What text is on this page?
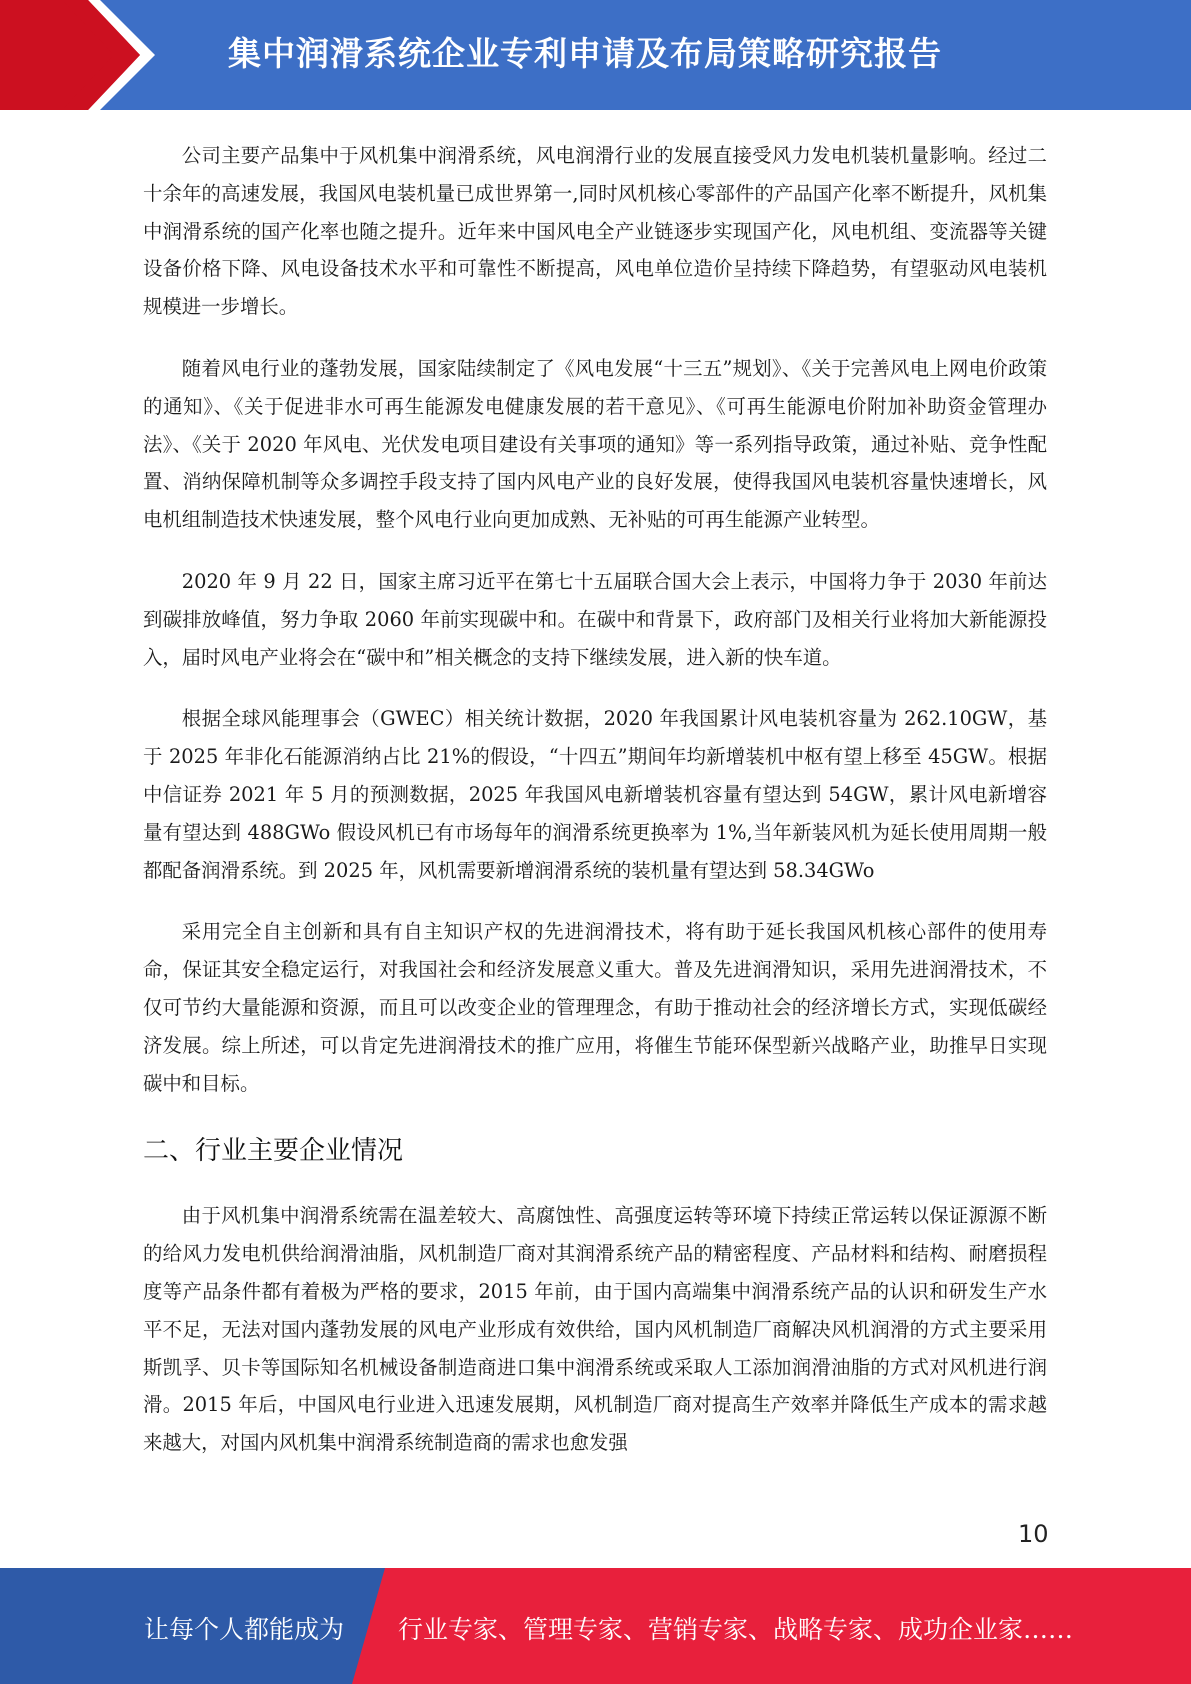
集中润滑系统企业专利申请及布局策略研究报告

公司主要产品集中于风机集中润滑系统，风电润滑行业的发展直接受风力发电机装机量影响。经过二十余年的高速发展，我国风电装机量已成世界第一,同时风机核心零部件的产品国产化率不断提升，风机集中润滑系统的国产化率也随之提升。近年来中国风电全产业链逐步实现国产化，风电机组、变流器等关键设备价格下降、风电设备技术水平和可靠性不断提高，风电单位造价呈持续下降趋势，有望驱动风电装机规模进一步增长。

随着风电行业的蓬勃发展，国家陆续制定了《风电发展“十三五”规划》、《关于完善风电上网电价政策的通知》、《关于促进非水可再生能源发电健康发展的若干意见》、《可再生能源电价附加补助资金管理办法》、《关于 2020 年风电、光伏发电项目建设有关事项的通知》等一系列指导政策，通过补贴、竞争性配置、消纳保障机制等众多调控手段支持了国内风电产业的良好发展，使得我国风电装机容量快速增长，风电机组制造技术快速发展，整个风电行业向更加成熟、无补贴的可再生能源产业转型。

2020 年 9 月 22 日，国家主席习近平在第七十五届联合国大会上表示，中国将力争于 2030 年前达到碳排放峰值，努力争取 2060 年前实现碳中和。在碳中和背景下，政府部门及相关行业将加大新能源投入，届时风电产业将会在“碳中和”相关概念的支持下继续发展，进入新的快车道。

根据全球风能理事会（GWEC）相关统计数据，2020 年我国累计风电装机容量为 262.10GW，基于 2025 年非化石能源消纳占比 21%的假设，“十四五”期间年均新增装机中枢有望上移至 45GW。根据中信证券 2021 年 5 月的预测数据，2025 年我国风电新增装机容量有望达到 54GW，累计风电新增容量有望达到 488GWo 假设风机已有市场每年的润滑系统更换率为 1%,当年新装风机为延长使用周期一般都配备润滑系统。到 2025 年，风机需要新增润滑系统的装机量有望达到 58.34GWo

采用完全自主创新和具有自主知识产权的先进润滑技术，将有助于延长我国风机核心部件的使用寿命，保证其安全稳定运行，对我国社会和经济发展意义重大。普及先进润滑知识，采用先进润滑技术，不仅可节约大量能源和资源，而且可以改变企业的管理理念，有助于推动社会的经济增长方式，实现低碳经济发展。综上所述，可以肯定先进润滑技术的推广应用，将催生节能环保型新兴战略产业，助推早日实现碳中和目标。

二、行业主要企业情况

由于风机集中润滑系统需在温差较大、高腐蚀性、高强度运转等环境下持续正常运转以保证源源不断的给风力发电机供给润滑油脂，风机制造厂商对其润滑系统产品的精密程度、产品材料和结构、耐磨损程度等产品条件都有着极为严格的要求，2015 年前，由于国内高端集中润滑系统产品的认识和研发生产水平不足，无法对国内蓬勃发展的风电产业形成有效供给，国内风机制造厂商解决风机润滑的方式主要采用斯凯孚、贝卡等国际知名机械设备制造商进口集中润滑系统或采取人工添加润滑油脂的方式对风机进行润滑。2015 年后，中国风电行业进入迅速发展期，风机制造厂商对提高生产效率并降低生产成本的需求越来越大，对国内风机集中润滑系统制造商的需求也愈发强

10
让每个人都能成为 行业专家、管理专家、营销专家、战略专家、成功企业家……
